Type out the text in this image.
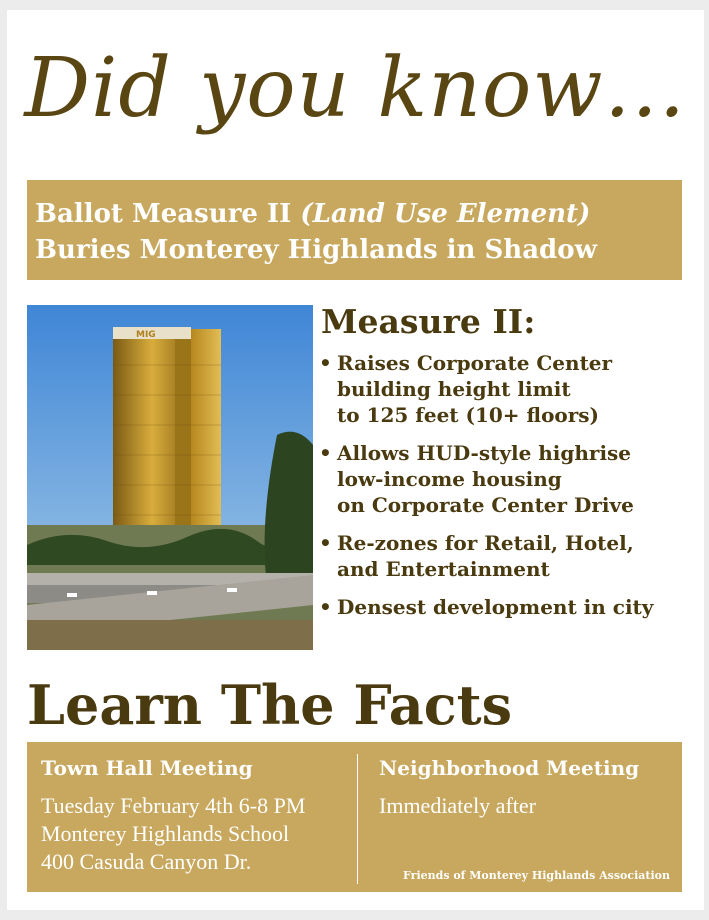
Did you know…
Ballot Measure II (Land Use Element)
Buries Monterey Highlands in Shadow
MIG	Measure II:
• Raises Corporate Center
building height limit
to 125 feet (10+ floors)
• Allows HUD-style highrise
low-income housing
on Corporate Center Drive
• Re-zones for Retail, Hotel,
and Entertainment
• Densest development in city
Learn The Facts
Town Hall Meeting
Tuesday February 4th 6-8 PM
Monterey Highlands School
400 Casuda Canyon Dr.
Neighborhood Meeting
Immediately after
Friends of Monterey Highlands Association
